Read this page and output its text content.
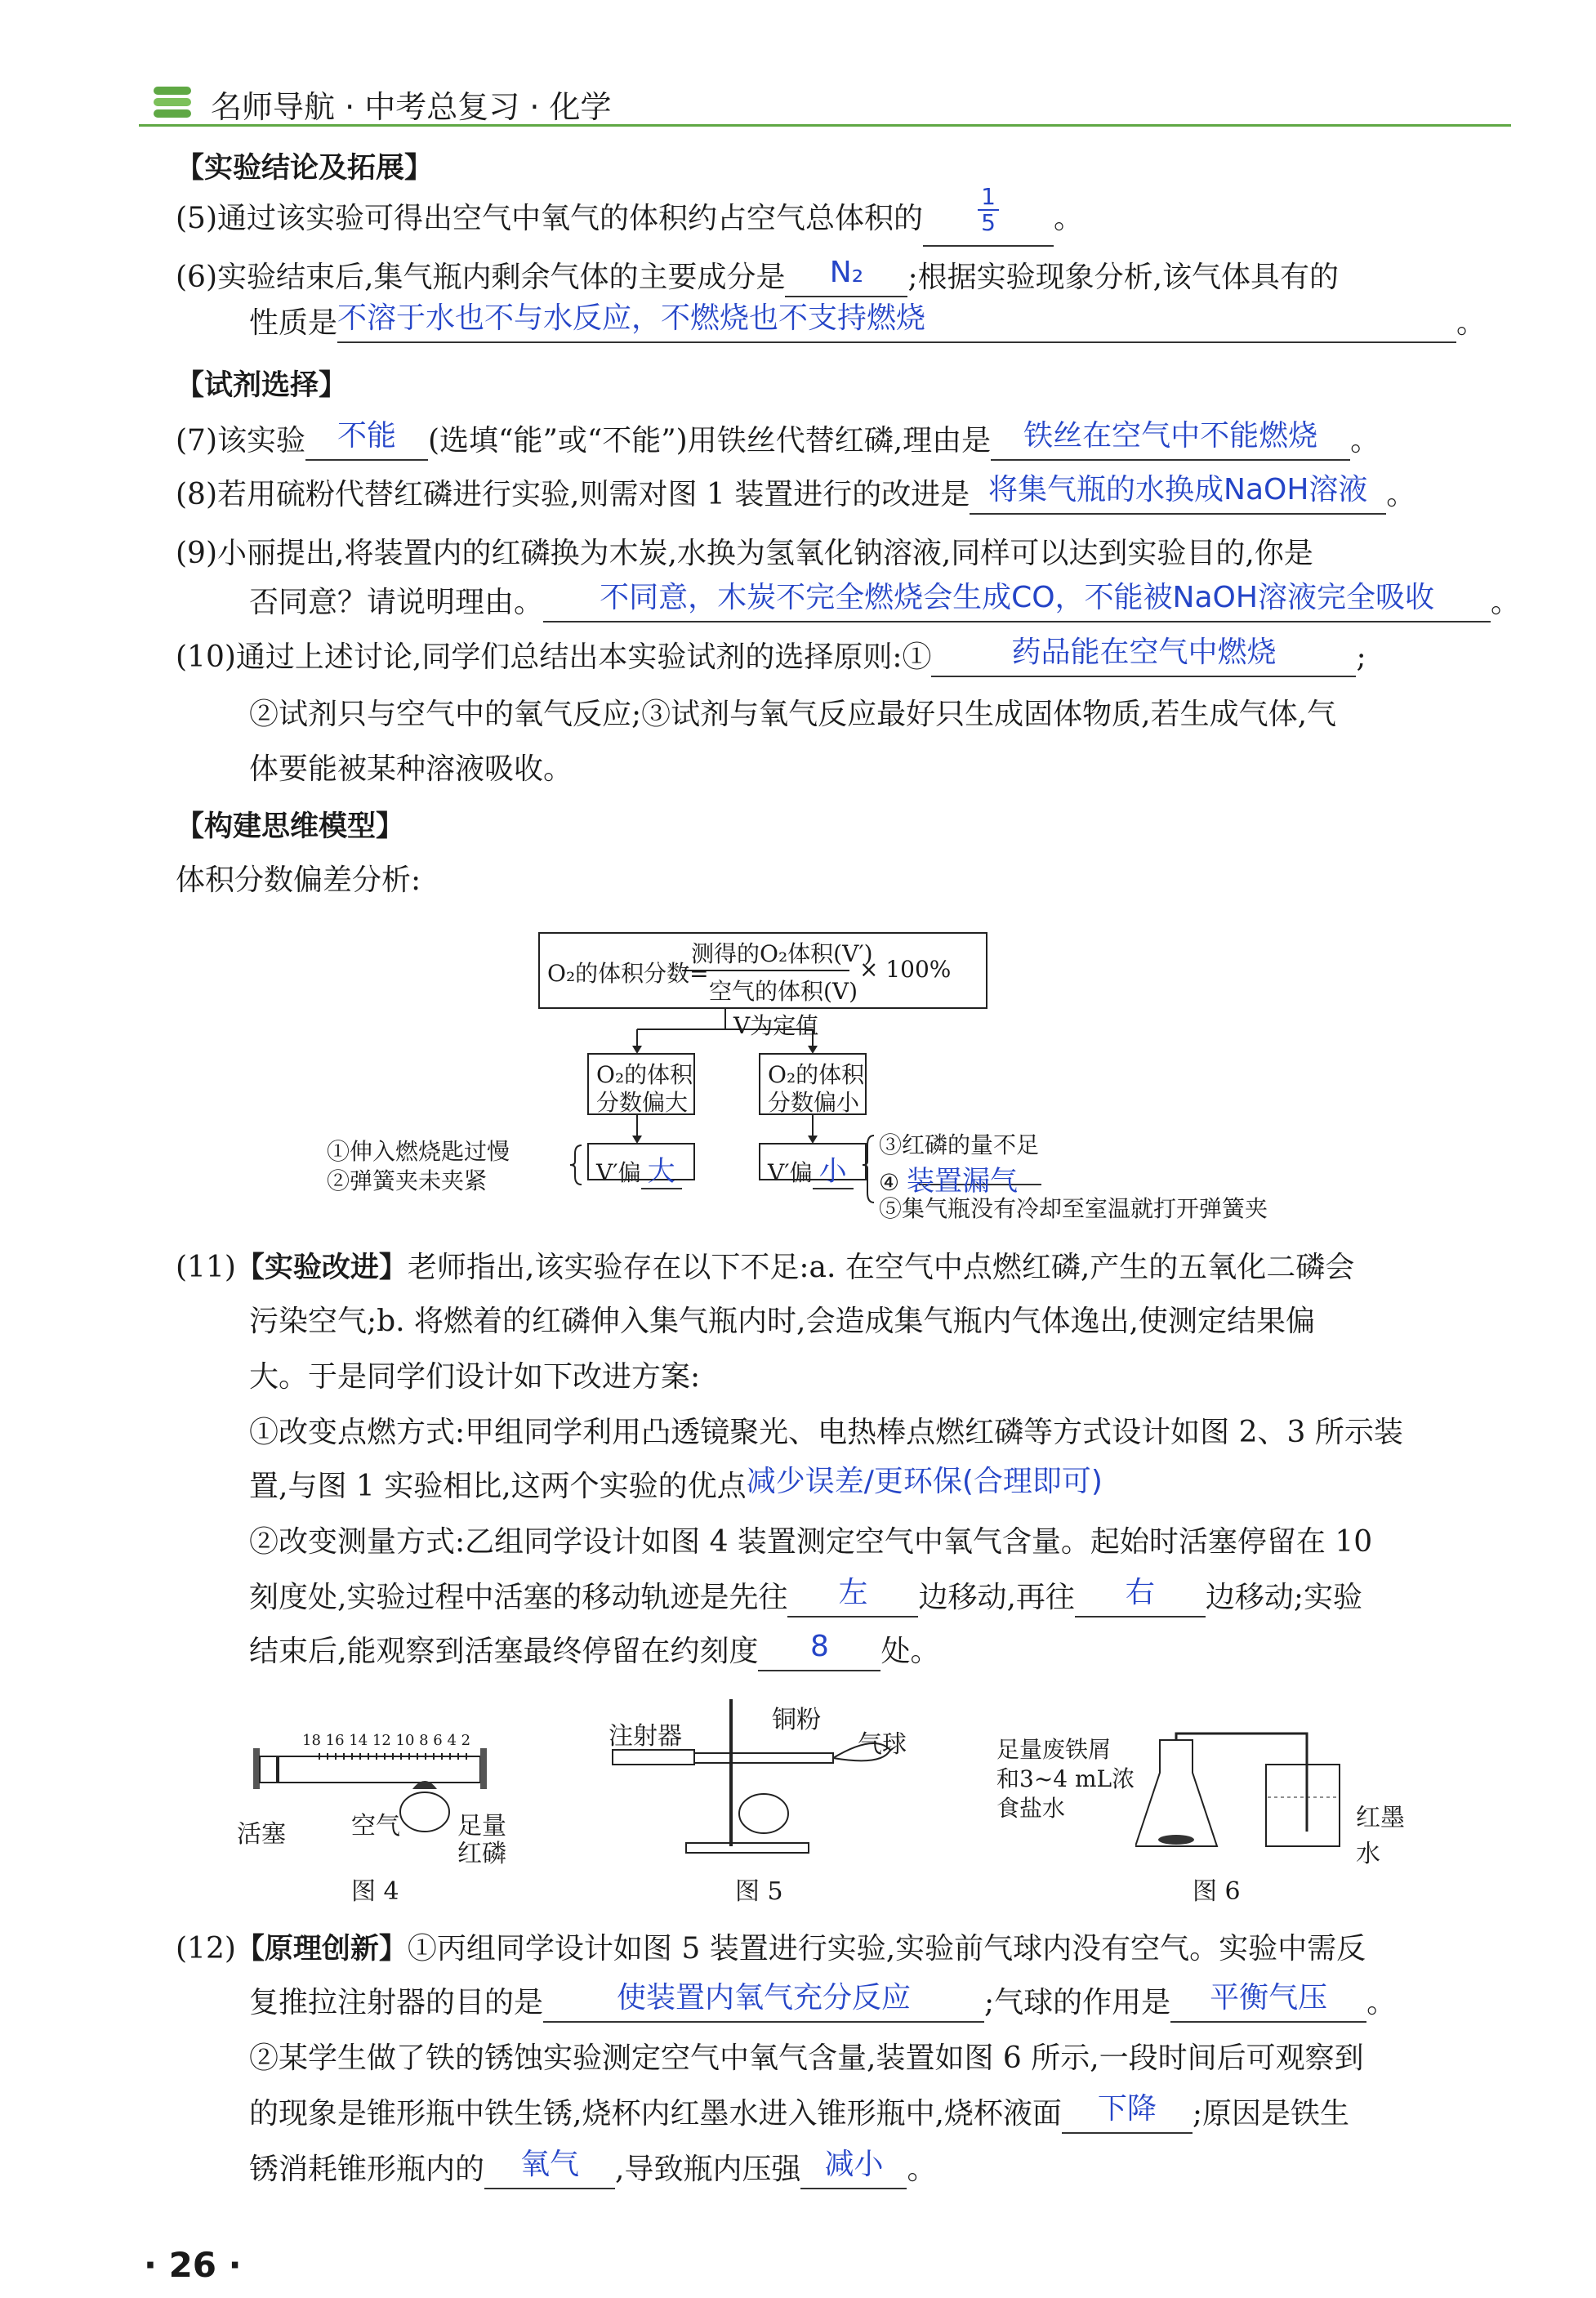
名师导航 · 中考总复习 · 化学
【实验结论及拓展】
(5)通过该实验可得出空气中氧气的体积约占空气总体积的 $\frac{1}{5}$ 。
(6)实验结束后,集气瓶内剩余气体的主要成分是 N₂ ;根据实验现象分析,该气体具有的
性质是不溶于水也不与水反应，不燃烧也不支持燃烧	。
【试剂选择】
(7)该实验 不能 (选填“能”或“不能”)用铁丝代替红磷,理由是 铁丝在空气中不能燃烧 。
(8)若用硫粉代替红磷进行实验,则需对图 1 装置进行的改进是 将集气瓶的水换成NaOH溶液 。
(9)小丽提出,将装置内的红磷换为木炭,水换为氢氧化钠溶液,同样可以达到实验目的,你是
否同意？请说明理由。 不同意，木炭不完全燃烧会生成CO，不能被NaOH溶液完全吸收 。
(10)通过上述讨论,同学们总结出本实验试剂的选择原则:①	药品能在空气中燃烧	;
②试剂只与空气中的氧气反应;③试剂与氧气反应最好只生成固体物质,若生成气体,气
体要能被某种溶液吸收。
【构建思维模型】
体积分数偏差分析:
O₂的体积分数=
测得的O₂体积(V′)
空气的体积(V)
× 100%
V为定值
O₂的体积
分数偏大
O₂的体积
分数偏小
V′偏 大	V′偏 小
①伸入燃烧匙过慢
②弹簧夹未夹紧
③红磷的量不足
④ 装置漏气
⑤集气瓶没有冷却至室温就打开弹簧夹
(11)【实验改进】老师指出,该实验存在以下不足:a. 在空气中点燃红磷,产生的五氧化二磷会
污染空气;b. 将燃着的红磷伸入集气瓶内时,会造成集气瓶内气体逸出,使测定结果偏
大。于是同学们设计如下改进方案:
①改变点燃方式:甲组同学利用凸透镜聚光、电热棒点燃红磷等方式设计如图 2、3 所示装
置,与图 1 实验相比,这两个实验的优点减少误差/更环保(合理即可)
②改变测量方式:乙组同学设计如图 4 装置测定空气中氧气含量。起始时活塞停留在 10
刻度处,实验过程中活塞的移动轨迹是先往 左 边移动,再往 右 边移动;实验
结束后,能观察到活塞最终停留在约刻度 8 处。
18 16 14 12 10 8 6 4 2
活塞	空气 足量
红磷
图 4
注射器
铜粉
气球
图 5
足量废铁屑
和3~4 mL浓
食盐水	红墨水
图 6
(12)【原理创新】①丙组同学设计如图 5 装置进行实验,实验前气球内没有空气。实验中需反
复推拉注射器的目的是 使装置内氧气充分反应	;气球的作用是 平衡气压 。
②某学生做了铁的锈蚀实验测定空气中氧气含量,装置如图 6 所示,一段时间后可观察到
的现象是锥形瓶中铁生锈,烧杯内红墨水进入锥形瓶中,烧杯液面 下降 ;原因是铁生
锈消耗锥形瓶内的 氧气 ,导致瓶内压强 减小 。
· 26 ·
